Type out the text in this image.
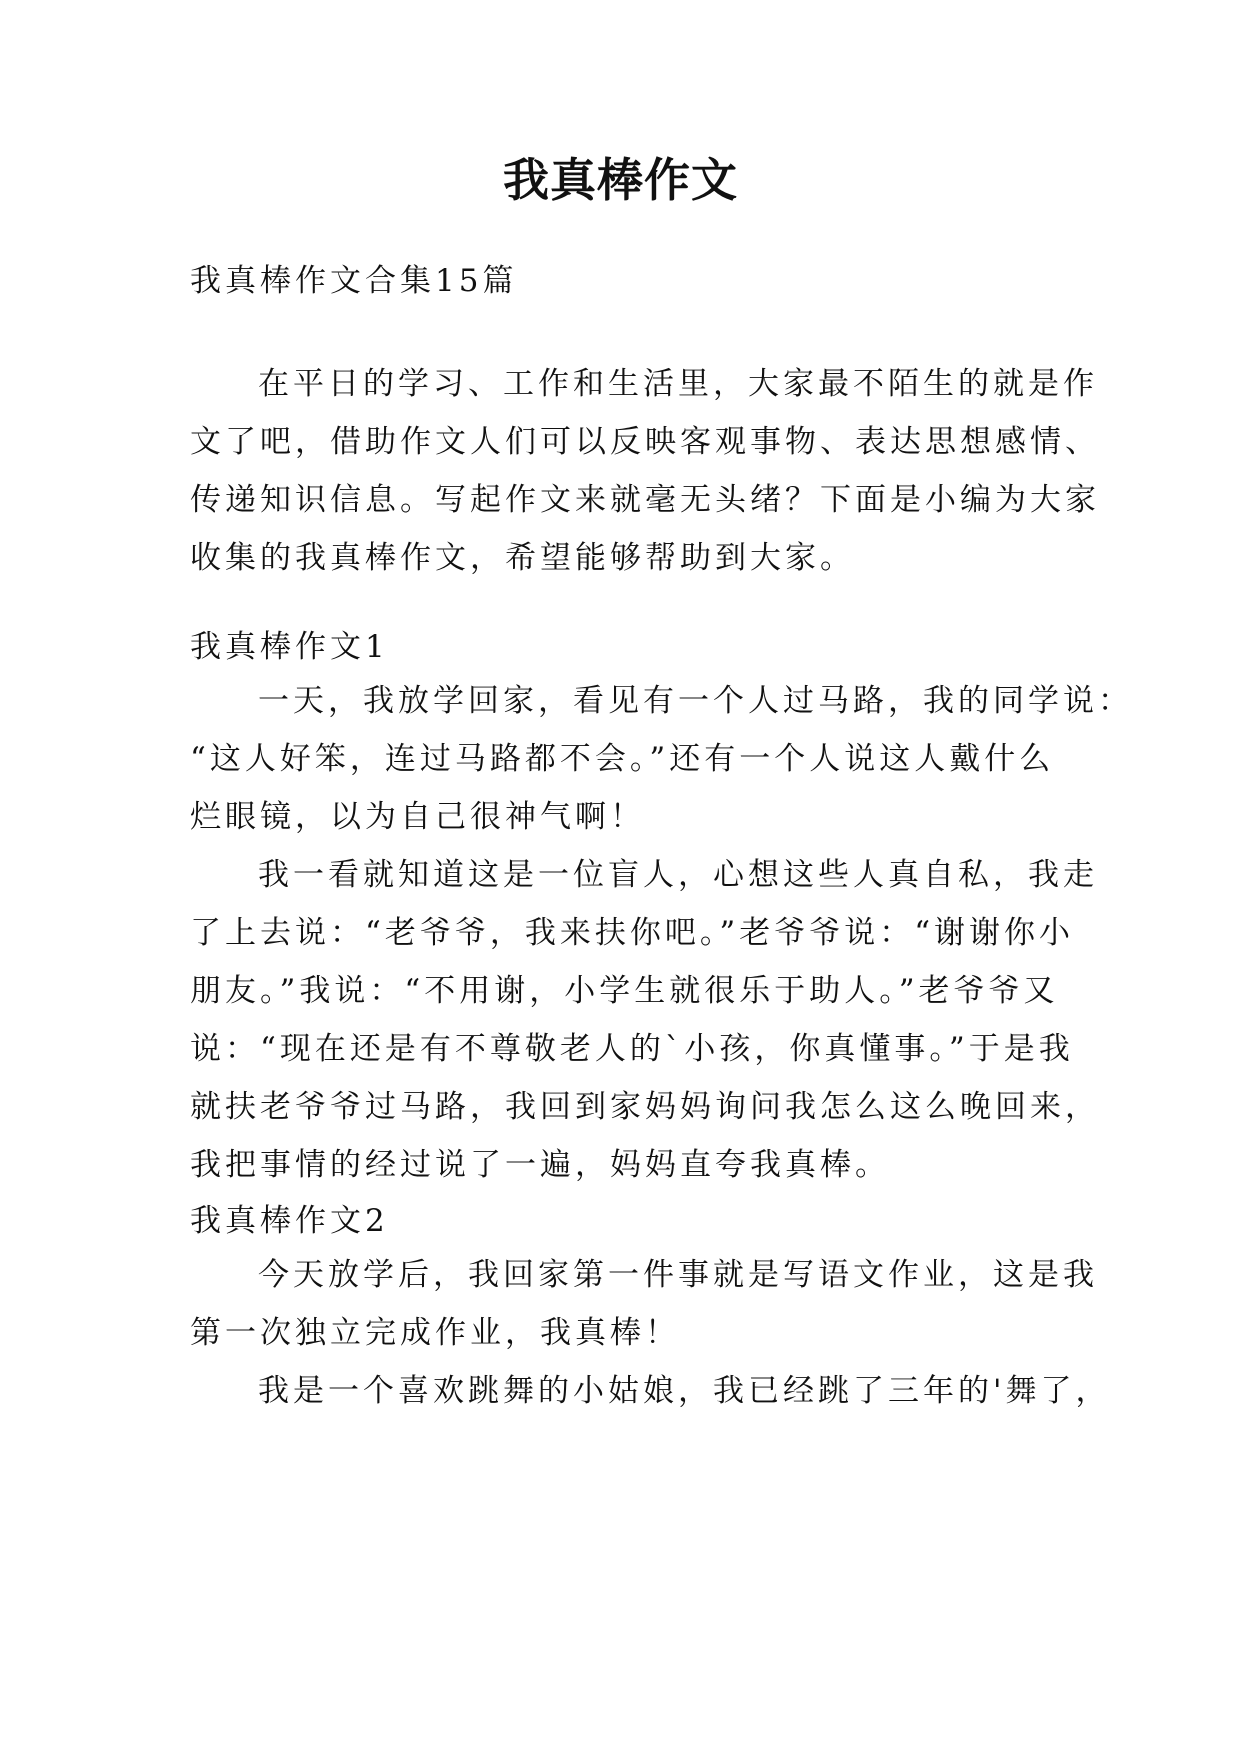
我真棒作文

我真棒作文合集15篇

在平日的学习、工作和生活里，大家最不陌生的就是作
文了吧，借助作文人们可以反映客观事物、表达思想感情、
传递知识信息。写起作文来就毫无头绪？下面是小编为大家
收集的我真棒作文，希望能够帮助到大家。

我真棒作文1

一天，我放学回家，看见有一个人过马路，我的同学说：
“这人好笨，连过马路都不会。”还有一个人说这人戴什么
烂眼镜，以为自己很神气啊！
我一看就知道这是一位盲人，心想这些人真自私，我走
了上去说：“老爷爷，我来扶你吧。”老爷爷说：“谢谢你小
朋友。”我说：“不用谢，小学生就很乐于助人。”老爷爷又
说：“现在还是有不尊敬老人的`小孩，你真懂事。”于是我
就扶老爷爷过马路，我回到家妈妈询问我怎么这么晚回来，
我把事情的经过说了一遍，妈妈直夸我真棒。

我真棒作文2

今天放学后，我回家第一件事就是写语文作业，这是我
第一次独立完成作业，我真棒！
我是一个喜欢跳舞的小姑娘，我已经跳了三年的'舞了，
